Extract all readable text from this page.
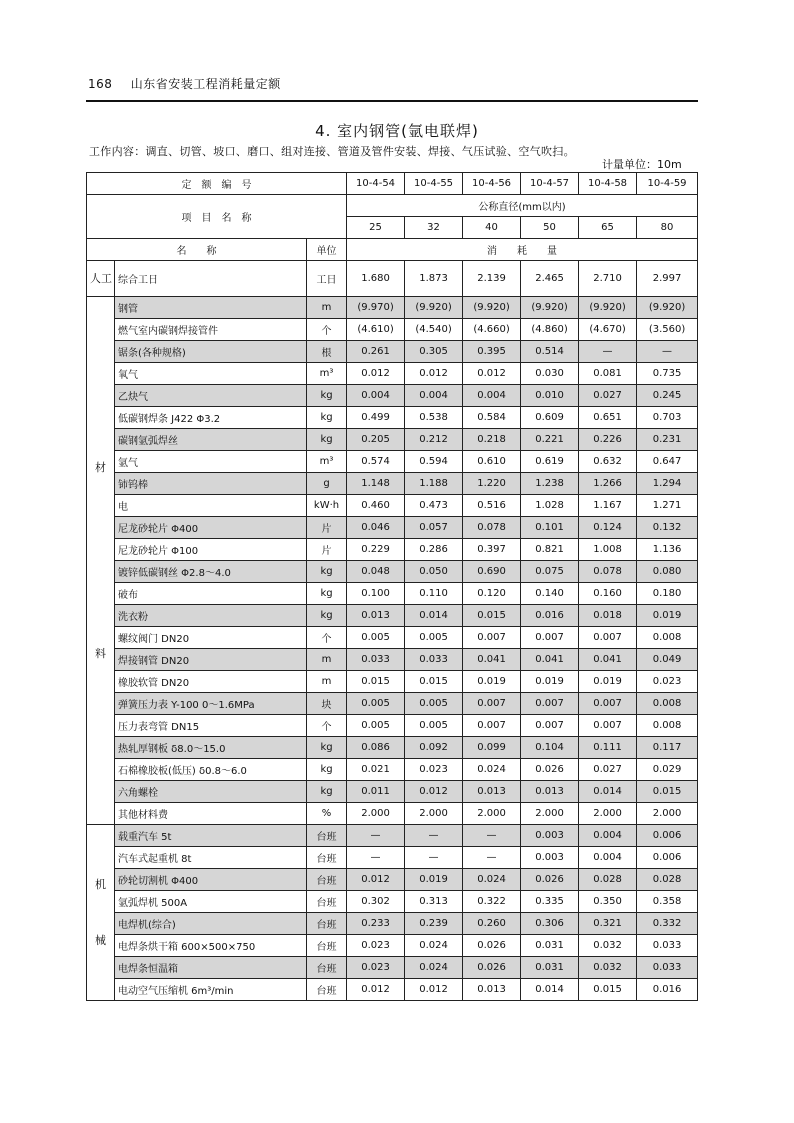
168 山东省安装工程消耗量定额
4. 室内钢管(氩电联焊)
工作内容：调直、切管、坡口、磨口、组对连接、管道及管件安装、焊接、气压试验、空气吹扫。
计量单位：10m
定　额　编　号			10-4-54	10-4-55	10-4-56	10-4-57	10-4-58	10-4-59
项　目　名　称			公称直径(mm以内)					
			25	32	40	50	65	80
名　　称		单位	消　　耗　　量					

人工	综合工日	工日	1.680	1.873	2.139	2.465	2.710	2.997

材
料	钢管	m	(9.970)	(9.920)	(9.920)	(9.920)	(9.920)	(9.920)
	燃气室内碳钢焊接管件	个	(4.610)	(4.540)	(4.660)	(4.860)	(4.670)	(3.560)
	锯条(各种规格)	根	0.261	0.305	0.395	0.514	—	—
	氧气	m³	0.012	0.012	0.012	0.030	0.081	0.735
	乙炔气	kg	0.004	0.004	0.004	0.010	0.027	0.245
	低碳钢焊条 J422 Φ3.2	kg	0.499	0.538	0.584	0.609	0.651	0.703
	碳钢氩弧焊丝	kg	0.205	0.212	0.218	0.221	0.226	0.231
	氩气	m³	0.574	0.594	0.610	0.619	0.632	0.647
	铈钨棒	g	1.148	1.188	1.220	1.238	1.266	1.294
	电	kW·h	0.460	0.473	0.516	1.028	1.167	1.271
	尼龙砂轮片 Φ400	片	0.046	0.057	0.078	0.101	0.124	0.132
	尼龙砂轮片 Φ100	片	0.229	0.286	0.397	0.821	1.008	1.136
	镀锌低碳钢丝 Φ2.8～4.0	kg	0.048	0.050	0.690	0.075	0.078	0.080
	破布	kg	0.100	0.110	0.120	0.140	0.160	0.180
	洗衣粉	kg	0.013	0.014	0.015	0.016	0.018	0.019
	螺纹阀门 DN20	个	0.005	0.005	0.007	0.007	0.007	0.008
	焊接钢管 DN20	m	0.033	0.033	0.041	0.041	0.041	0.049
	橡胶软管 DN20	m	0.015	0.015	0.019	0.019	0.019	0.023
	弹簧压力表 Y-100 0～1.6MPa	块	0.005	0.005	0.007	0.007	0.007	0.008
	压力表弯管 DN15	个	0.005	0.005	0.007	0.007	0.007	0.008
	热轧厚钢板 δ8.0～15.0	kg	0.086	0.092	0.099	0.104	0.111	0.117
	石棉橡胶板(低压) δ0.8～6.0	kg	0.021	0.023	0.024	0.026	0.027	0.029
	六角螺栓	kg	0.011	0.012	0.013	0.013	0.014	0.015
	其他材料费	%	2.000	2.000	2.000	2.000	2.000	2.000

机
械	载重汽车 5t	台班	—	—	—	0.003	0.004	0.006
	汽车式起重机 8t	台班	—	—	—	0.003	0.004	0.006
	砂轮切割机 Φ400	台班	0.012	0.019	0.024	0.026	0.028	0.028
	氩弧焊机 500A	台班	0.302	0.313	0.322	0.335	0.350	0.358
	电焊机(综合)	台班	0.233	0.239	0.260	0.306	0.321	0.332
	电焊条烘干箱 600×500×750	台班	0.023	0.024	0.026	0.031	0.032	0.033
	电焊条恒温箱	台班	0.023	0.024	0.026	0.031	0.032	0.033
	电动空气压缩机 6m³/min	台班	0.012	0.012	0.013	0.014	0.015	0.016
